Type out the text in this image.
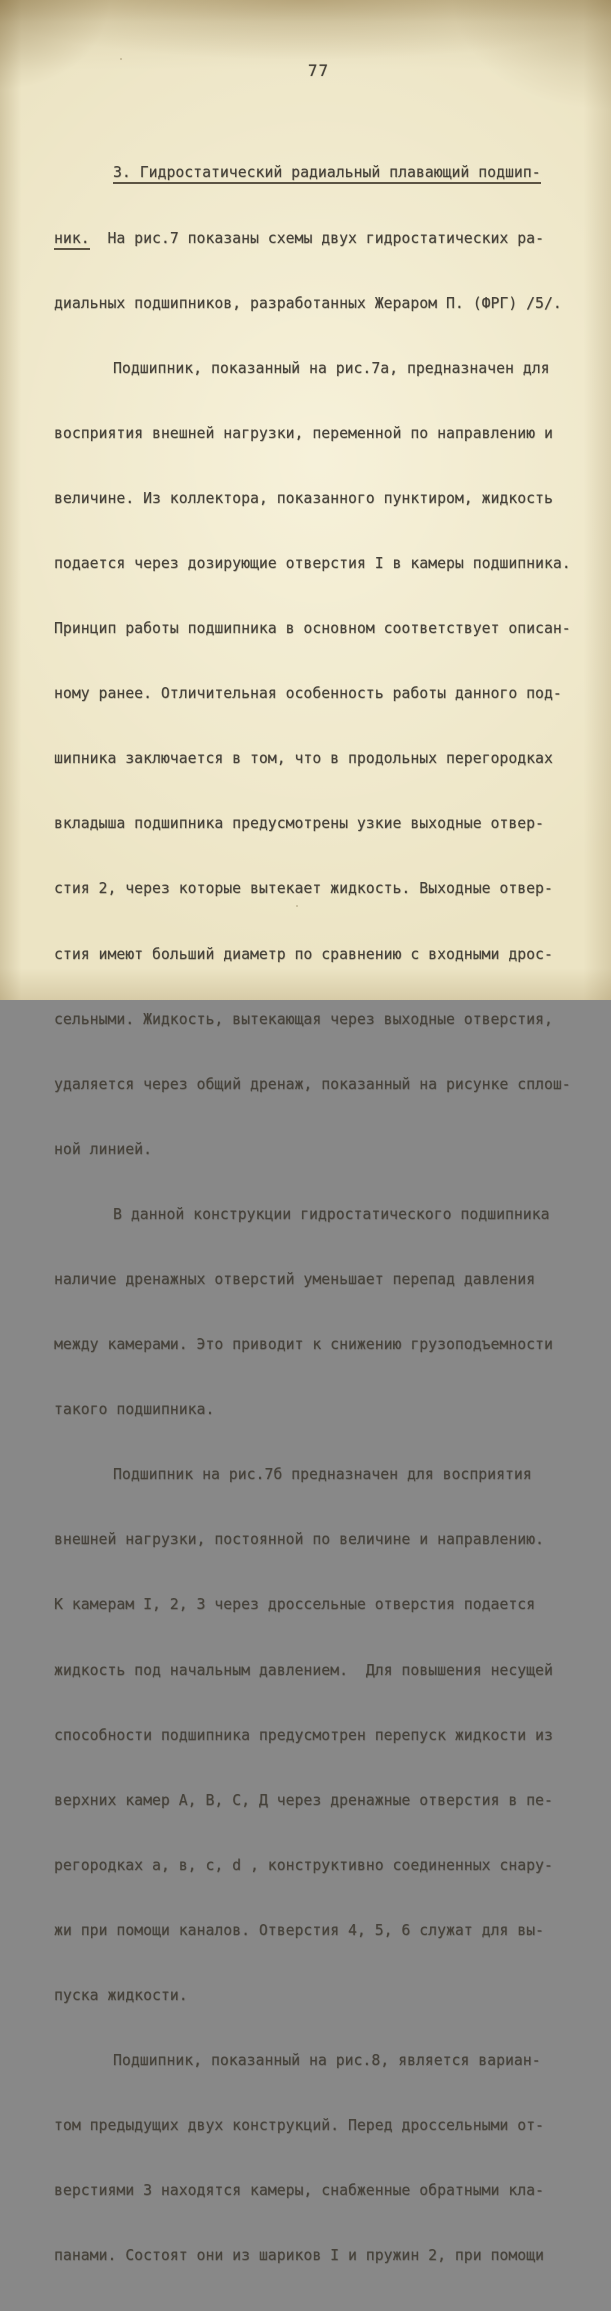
77

3. Гидростатический радиальный плавающий подшип-

ник.  На рис.7 показаны схемы двух гидростатических ра-

диальных подшипников, разработанных Жераром П. (ФРГ) /5/.

Подшипник, показанный на рис.7а, предназначен для

восприятия внешней нагрузки, переменной по направлению и

величине. Из коллектора, показанного пунктиром, жидкость

подается через дозирующие отверстия I в камеры подшипника.

Принцип работы подшипника в основном соответствует описан-

ному ранее. Отличительная особенность работы данного под-

шипника заключается в том, что в продольных перегородках

вкладыша подшипника предусмотрены узкие выходные отвер-

стия 2, через которые вытекает жидкость. Выходные отвер-

стия имеют больший диаметр по сравнению с входными дрос-

сельными. Жидкость, вытекающая через выходные отверстия,

удаляется через общий дренаж, показанный на рисунке сплош-

ной линией.

В данной конструкции гидростатического подшипника

наличие дренажных отверстий уменьшает перепад давления

между камерами. Это приводит к снижению грузоподъемности

такого подшипника.

Подшипник на рис.7б предназначен для восприятия

внешней нагрузки, постоянной по величине и направлению.

К камерам I, 2, 3 через дроссельные отверстия подается

жидкость под начальным давлением.  Для повышения несущей

способности подшипника предусмотрен перепуск жидкости из

верхних камер А, В, С, Д через дренажные отверстия в пе-

регородках а, в, с, d , конструктивно соединенных снару-

жи при помощи каналов. Отверстия 4, 5, 6 служат для вы-

пуска жидкости.

Подшипник, показанный на рис.8, является вариан-

том предыдущих двух конструкций. Перед дроссельными от-

верстиями 3 находятся камеры, снабженные обратными кла-

панами. Состоят они из шариков I и пружин 2, при помощи
